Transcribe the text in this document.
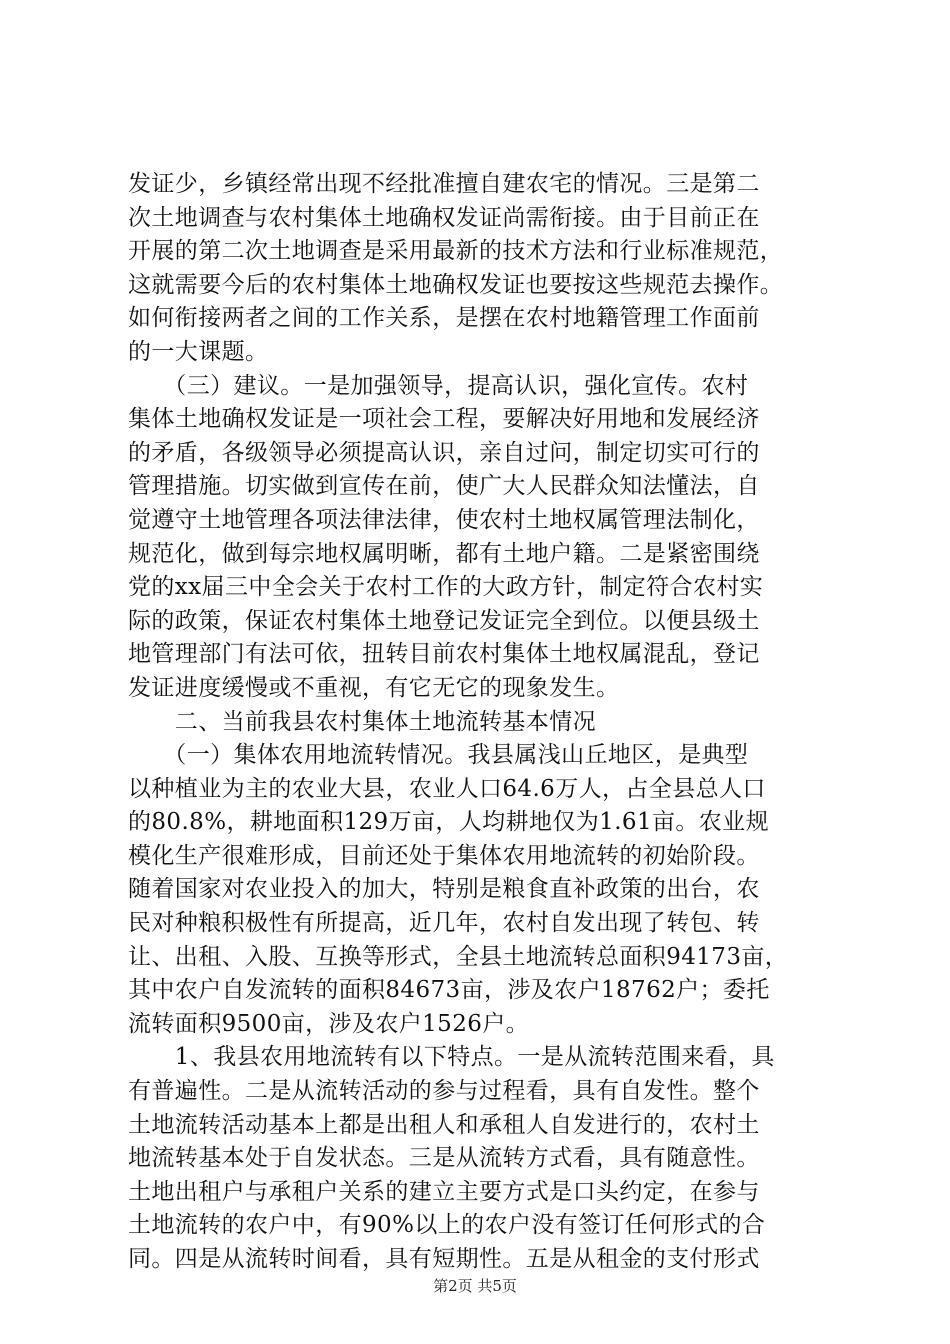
发证少，乡镇经常出现不经批准擅自建农宅的情况。三是第二
次土地调查与农村集体土地确权发证尚需衔接。由于目前正在
开展的第二次土地调查是采用最新的技术方法和行业标准规范，
这就需要今后的农村集体土地确权发证也要按这些规范去操作。
如何衔接两者之间的工作关系，是摆在农村地籍管理工作面前
的一大课题。
　　（三）建议。一是加强领导，提高认识，强化宣传。农村
集体土地确权发证是一项社会工程，要解决好用地和发展经济
的矛盾，各级领导必须提高认识，亲自过问，制定切实可行的
管理措施。切实做到宣传在前，使广大人民群众知法懂法，自
觉遵守土地管理各项法律法律，使农村土地权属管理法制化，
规范化，做到每宗地权属明晰，都有土地户籍。二是紧密围绕
党的xx届三中全会关于农村工作的大政方针，制定符合农村实
际的政策，保证农村集体土地登记发证完全到位。以便县级土
地管理部门有法可依，扭转目前农村集体土地权属混乱，登记
发证进度缓慢或不重视，有它无它的现象发生。
　　二、当前我县农村集体土地流转基本情况
　　（一）集体农用地流转情况。我县属浅山丘地区，是典型
以种植业为主的农业大县，农业人口64.6万人，占全县总人口
的80.8%，耕地面积129万亩，人均耕地仅为1.61亩。农业规
模化生产很难形成，目前还处于集体农用地流转的初始阶段。
随着国家对农业投入的加大，特别是粮食直补政策的出台，农
民对种粮积极性有所提高，近几年，农村自发出现了转包、转
让、出租、入股、互换等形式，全县土地流转总面积94173亩，
其中农户自发流转的面积84673亩，涉及农户18762户；委托
流转面积9500亩，涉及农户1526户。
　　1、我县农用地流转有以下特点。一是从流转范围来看，具
有普遍性。二是从流转活动的参与过程看，具有自发性。整个
土地流转活动基本上都是出租人和承租人自发进行的，农村土
地流转基本处于自发状态。三是从流转方式看，具有随意性。
土地出租户与承租户关系的建立主要方式是口头约定，在参与
土地流转的农户中，有90%以上的农户没有签订任何形式的合
同。四是从流转时间看，具有短期性。五是从租金的支付形式
第2页 共5页
